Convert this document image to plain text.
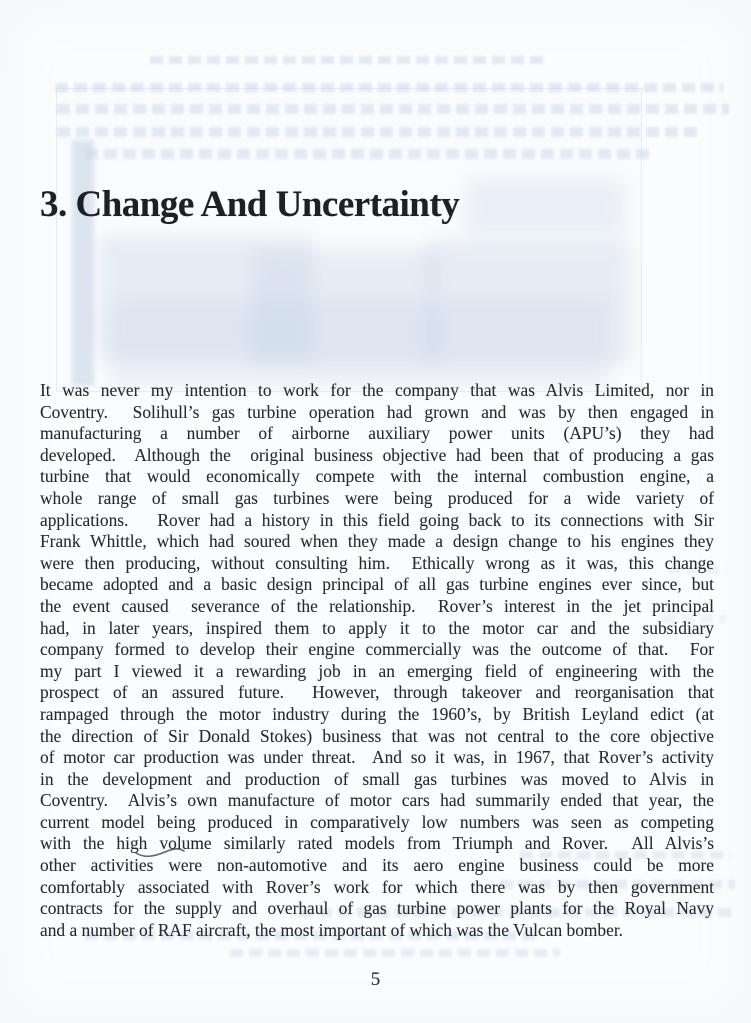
3. Change And Uncertainty
It was never my intention to work for the company that was Alvis Limited, nor in
Coventry.  Solihull’s gas turbine operation had grown and was by then engaged in
manufacturing a number of airborne auxiliary power units (APU’s) they had
developed.  Although the  original business objective had been that of producing a gas
turbine that would economically compete with the internal combustion engine, a
whole range of small gas turbines were being produced for a wide variety of
applications.   Rover had a history in this field going back to its connections with Sir
Frank Whittle, which had soured when they made a design change to his engines they
were then producing, without consulting him.  Ethically wrong as it was, this change
became adopted and a basic design principal of all gas turbine engines ever since, but
the event caused  severance of the relationship.  Rover’s interest in the jet principal
had, in later years, inspired them to apply it to the motor car and the subsidiary
company formed to develop their engine commercially was the outcome of that.  For
my part I viewed it a rewarding job in an emerging field of engineering with the
prospect of an assured future.  However, through takeover and reorganisation that
rampaged through the motor industry during the 1960’s, by British Leyland edict (at
the direction of Sir Donald Stokes) business that was not central to the core objective
of motor car production was under threat.  And so it was, in 1967, that Rover’s activity
in the development and production of small gas turbines was moved to Alvis in
Coventry.  Alvis’s own manufacture of motor cars had summarily ended that year, the
current model being produced in comparatively low numbers was seen as competing
with the high volume similarly rated models from Triumph and Rover.  All Alvis’s
other activities were non-automotive and its aero engine business could be more
comfortably associated with Rover’s work for which there was by then government
contracts for the supply and overhaul of gas turbine power plants for the Royal Navy
and a number of RAF aircraft, the most important of which was the Vulcan bomber.
5
